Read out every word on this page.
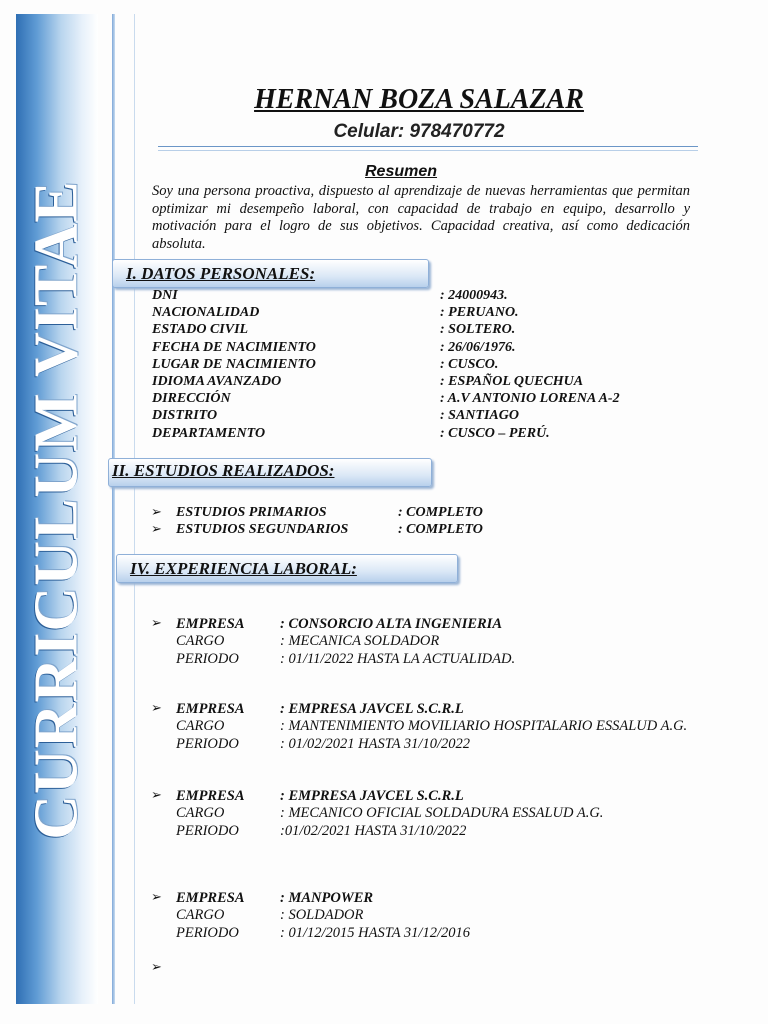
CURRICULUM VITAE
HERNAN BOZA SALAZAR
Celular: 978470772
Resumen
Soy una persona proactiva, dispuesto al aprendizaje de nuevas herramientas que permitan optimizar mi desempeño laboral, con capacidad de trabajo en equipo, desarrollo y motivación para el logro de sus objetivos. Capacidad creativa, así como dedicación absoluta.
I. DATOS PERSONALES:
DNI	: 24000943.
NACIONALIDAD	: PERUANO.
ESTADO CIVIL	: SOLTERO.
FECHA DE NACIMIENTO	: 26/06/1976.
LUGAR DE NACIMIENTO	: CUSCO.
IDIOMA AVANZADO	: ESPAÑOL QUECHUA
DIRECCIÓN	: A.V ANTONIO LORENA A-2
DISTRITO	: SANTIAGO
DEPARTAMENTO	: CUSCO – PERÚ.
II. ESTUDIOS REALIZADOS:
➢ ESTUDIOS PRIMARIOS	: COMPLETO
➢ ESTUDIOS SEGUNDARIOS	: COMPLETO
IV. EXPERIENCIA LABORAL:
➢ EMPRESA : CONSORCIO ALTA INGENIERIA
CARGO	: MECANICA SOLDADOR
PERIODO	: 01/11/2022 HASTA LA ACTUALIDAD.
➢ EMPRESA : EMPRESA JAVCEL S.C.R.L
CARGO	: MANTENIMIENTO MOVILIARIO HOSPITALARIO ESSALUD A.G.
PERIODO	: 01/02/2021 HASTA 31/10/2022
➢ EMPRESA : EMPRESA JAVCEL S.C.R.L
CARGO	: MECANICO OFICIAL SOLDADURA ESSALUD A.G.
PERIODO	:01/02/2021 HASTA 31/10/2022
➢ EMPRESA : MANPOWER
CARGO	: SOLDADOR
PERIODO	: 01/12/2015 HASTA 31/12/2016
➢
